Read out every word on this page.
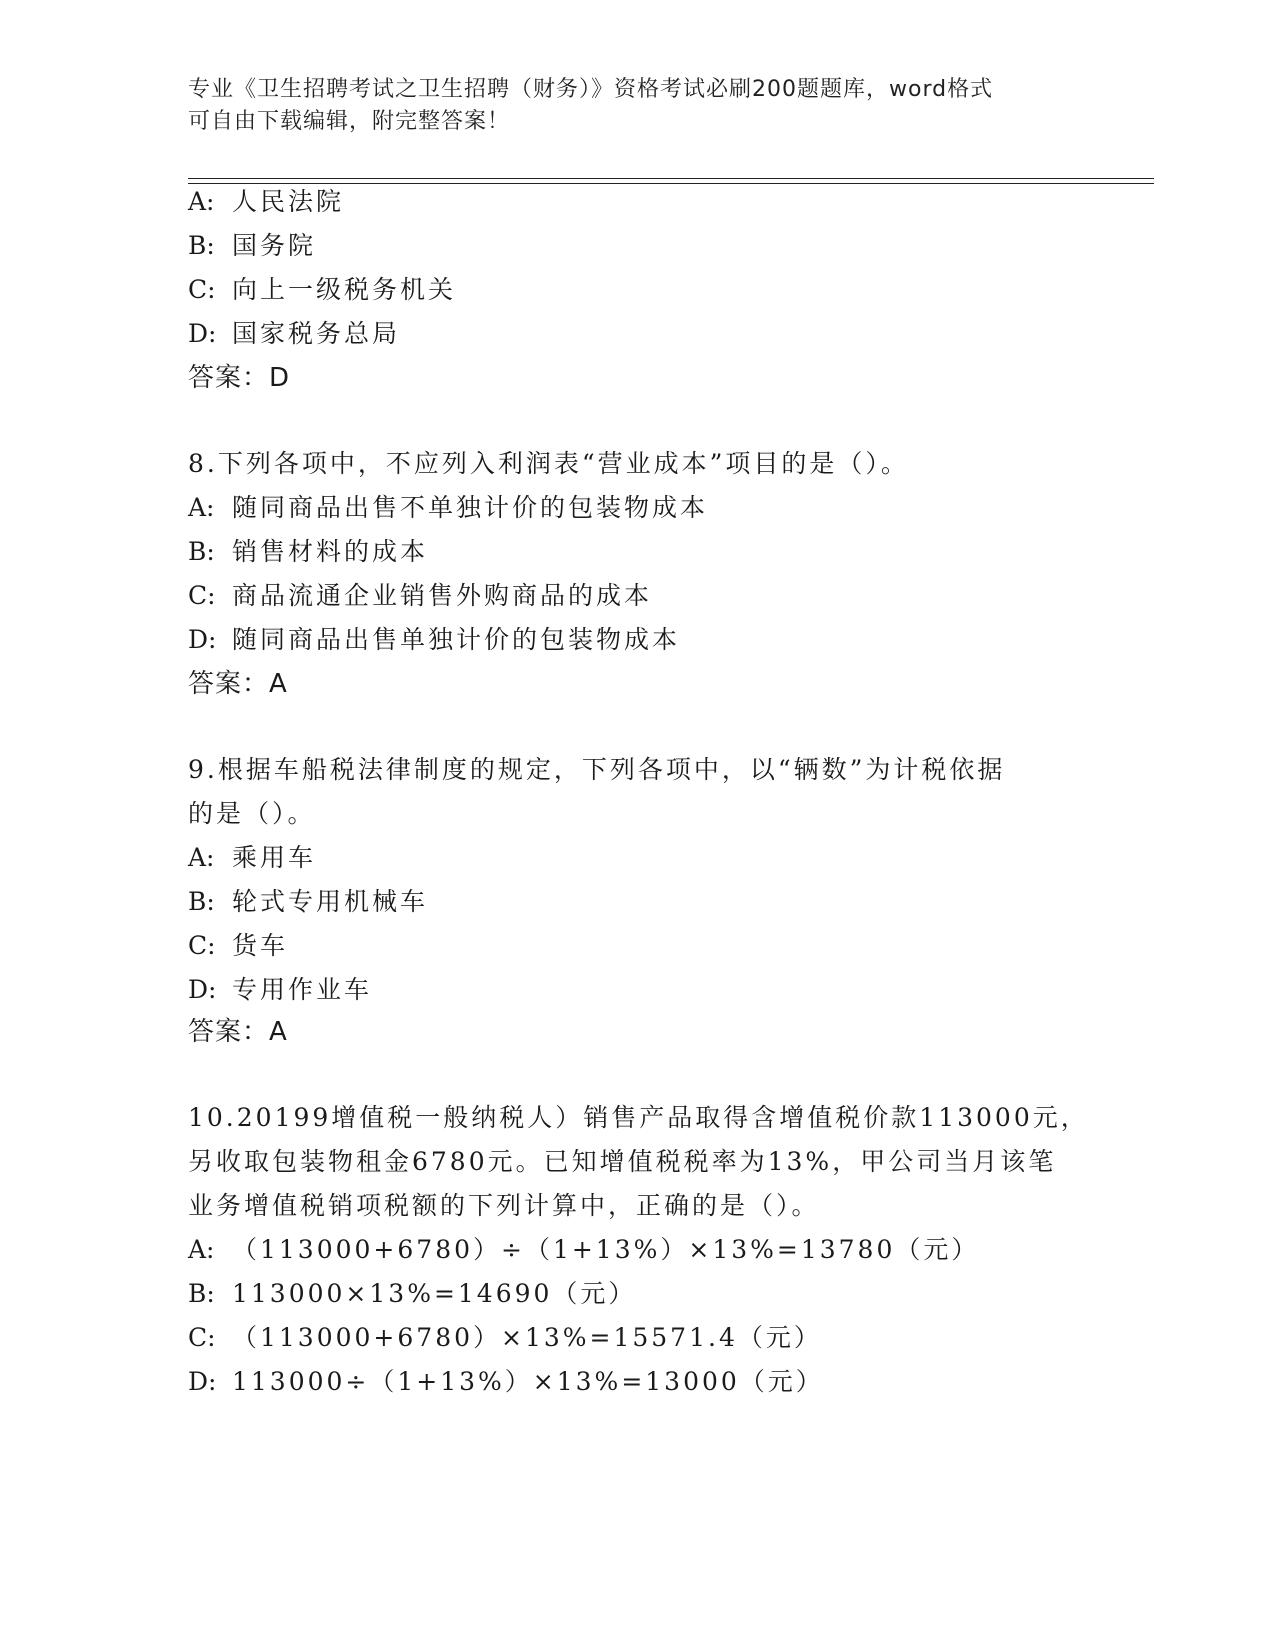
专业《卫生招聘考试之卫生招聘（财务）》资格考试必刷200题题库，word格式
可自由下载编辑，附完整答案！
A: 人民法院
B: 国务院
C: 向上一级税务机关
D: 国家税务总局
答案：D
8.下列各项中，不应列入利润表“营业成本”项目的是（）。
A: 随同商品出售不单独计价的包装物成本
B: 销售材料的成本
C: 商品流通企业销售外购商品的成本
D: 随同商品出售单独计价的包装物成本
答案：A
9.根据车船税法律制度的规定，下列各项中，以“辆数”为计税依据
的是（）。
A: 乘用车
B: 轮式专用机械车
C: 货车
D: 专用作业车
答案：A
10.20199增值税一般纳税人）销售产品取得含增值税价款113000元，
另收取包装物租金6780元。已知增值税税率为13%，甲公司当月该笔
业务增值税销项税额的下列计算中，正确的是（）。
A: （113000+6780）÷（1+13%）×13%=13780（元）
B: 113000×13%=14690（元）
C: （113000+6780）×13%=15571.4（元）
D: 113000÷（1+13%）×13%=13000（元）
